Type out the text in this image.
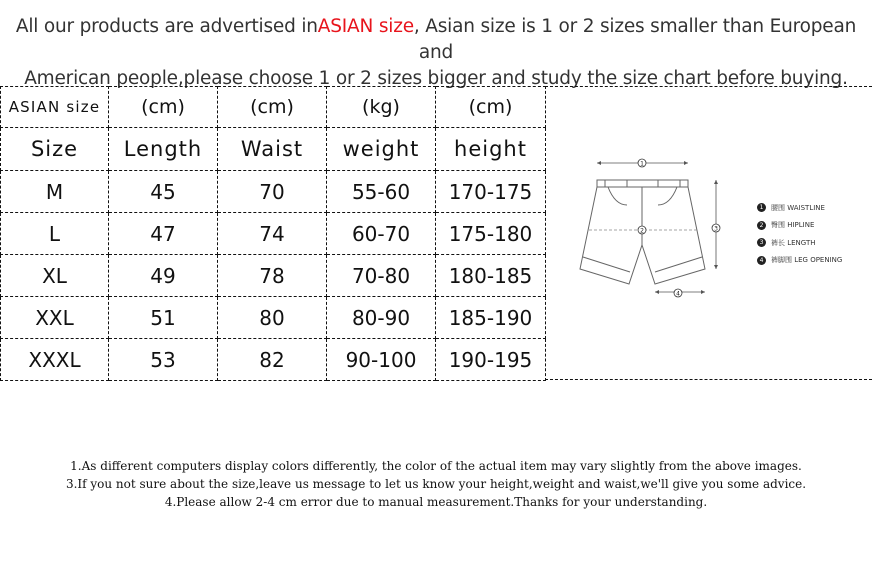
All our products are advertised inASIAN size, Asian size is 1 or 2 sizes smaller than European and
American people,please choose 1 or 2 sizes bigger and study the size chart before buying.
ASIAN size	(cm)	(cm)	(kg)	(cm)
Size	Length	Waist	weight	height
M	45	70	55-60	170-175
L	47	74	60-70	175-180
XL	49	78	70-80	180-185
XXL	51	80	80-90	185-190
XXXL	53	82	90-100	190-195
1
2	3
4
1	腰围 WAISTLINE
2	臀围 HIPLINE
3	裤长 LENGTH
4	裤脚围 LEG OPENING
1.As different computers display colors differently, the color of the actual item may vary slightly from the above images.
3.If you not sure about the size,leave us message to let us know your height,weight and waist,we'll give you some advice.
4.Please allow 2-4 cm error due to manual measurement.Thanks for your understanding.
